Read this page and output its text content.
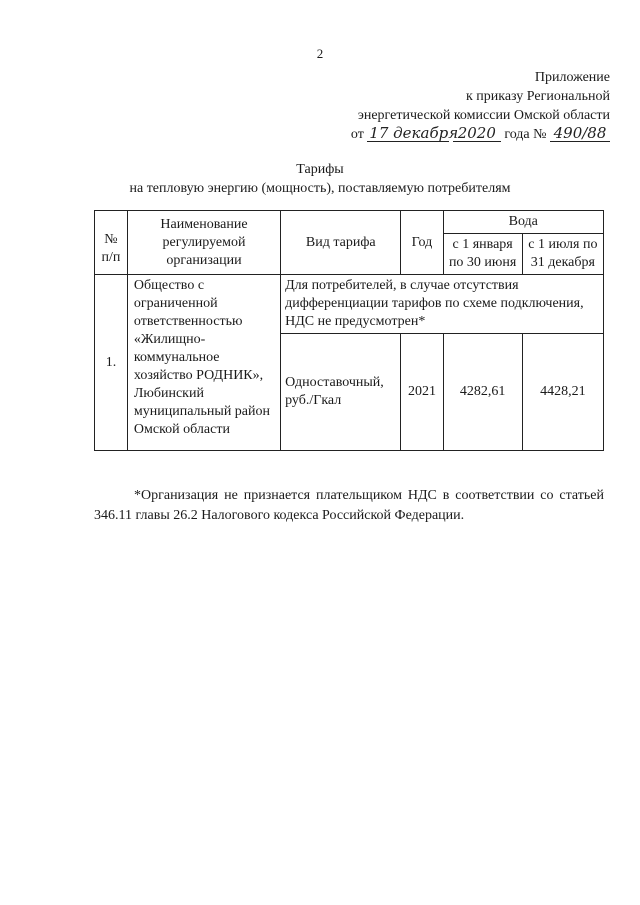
2
Приложение
к приказу Региональной
энергетической комиссии Омской области
от 17 декабря 2020 года № 490/88
Тарифы
на тепловую энергию (мощность), поставляемую потребителям
№ п/п	Наименование регулируемой организации	Вид тарифа	Год	Вода	
				с 1 января по 30 июня	с 1 июля по 31 декабря
1.	Общество с ограниченной ответственностью «Жилищно-коммунальное хозяйство РОДНИК», Любинский муниципальный район Омской области	Для потребителей, в случае отсутствия дифференциации тарифов по схеме подключения, НДС не предусмотрен*			
		Одноставочный, руб./Гкал	2021	4282,61	4428,21
*Организация не признается плательщиком НДС в соответствии со статьей 346.11 главы 26.2 Налогового кодекса Российской Федерации.
